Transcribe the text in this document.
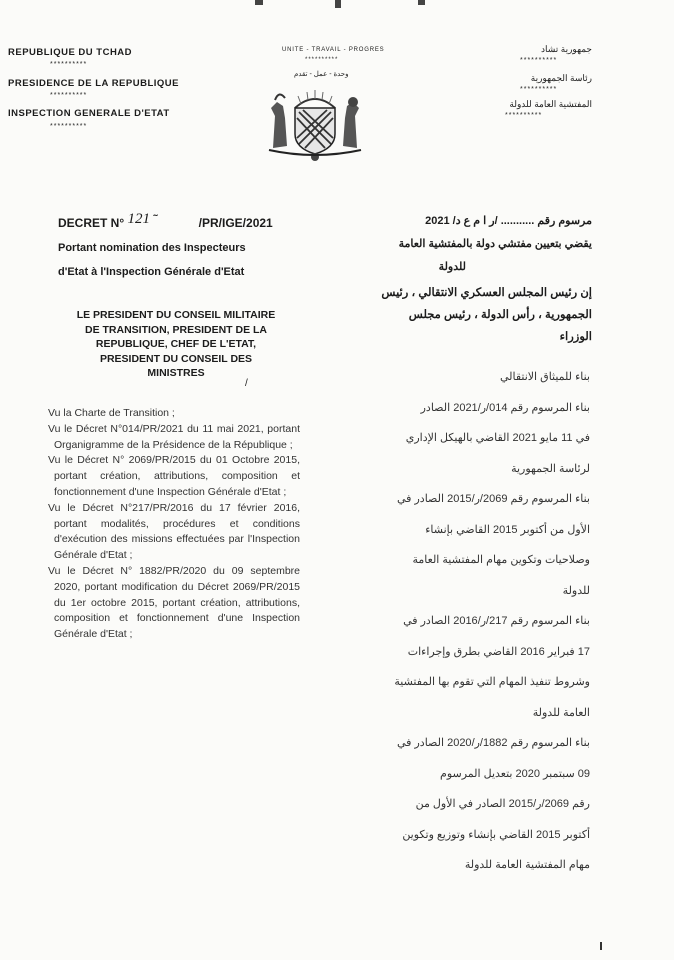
REPUBLIQUE DU TCHAD
**********
PRESIDENCE DE LA REPUBLIQUE
**********
INSPECTION GENERALE D'ETAT
**********
UNITE - TRAVAIL - PROGRES
**********
وحدة - عمل - تقدم
جمهورية تشاد
**********
رئاسة الجمهورية
**********
المفتشية العامة للدولة
**********
DECRET N° 121 ˜	/PR/IGE/2021
Portant nomination des Inspecteurs
d'Etat à l'Inspection Générale d'Etat
مرسوم رقم ........... /ر ا م ع د/ 2021
يقضي بتعيين مفتشي دولة بالمفتشية العامة
للدولة
LE PRESIDENT DU CONSEIL MILITAIRE
DE TRANSITION, PRESIDENT DE LA
REPUBLIQUE, CHEF DE L'ETAT,
PRESIDENT DU CONSEIL DES
MINISTRES
/
إن رئيس المجلس العسكري الانتقالي ، رئيس
الجمهورية ، رأس الدولة ، رئيس مجلس
الوزراء

Vu la Charte de Transition ;

Vu le Décret N°014/PR/2021 du 11 mai 2021, portant Organigramme de la Présidence de la République ;

Vu le Décret N° 2069/PR/2015 du 01 Octobre 2015, portant création, attributions, composition et fonctionnement d'une Inspection Générale d'Etat ;

Vu le Décret N°217/PR/2016 du 17 février 2016, portant modalités, procédures et conditions d'exécution des missions effectuées par l'Inspection Générale d'Etat ;

Vu le Décret N° 1882/PR/2020 du 09 septembre 2020, portant modification du Décret 2069/PR/2015 du 1er octobre 2015, portant création, attributions, composition et fonctionnement d'une Inspection Générale d'Etat ;

بناء للميثاق الانتقالي

بناء المرسوم رقم 014/ر/2021 الصادر

في 11 مايو 2021 القاضي بالهيكل الإداري

لرئاسة الجمهورية

بناء المرسوم رقم 2069/ر/2015 الصادر في

الأول من أكتوبر 2015 القاضي بإنشاء

وصلاحيات وتكوين مهام المفتشية العامة

للدولة

بناء المرسوم رقم 217/ر/2016 الصادر في

17 فبراير 2016 القاضي بطرق وإجراءات

وشروط تنفيذ المهام التي تقوم بها المفتشية

العامة للدولة

بناء المرسوم رقم 1882/ر/2020 الصادر في

09 سبتمبر 2020 بتعديل المرسوم

رقم 2069/ر/2015 الصادر في الأول من

أكتوبر 2015 القاضي بإنشاء وتوزيع وتكوين

مهام المفتشية العامة للدولة
